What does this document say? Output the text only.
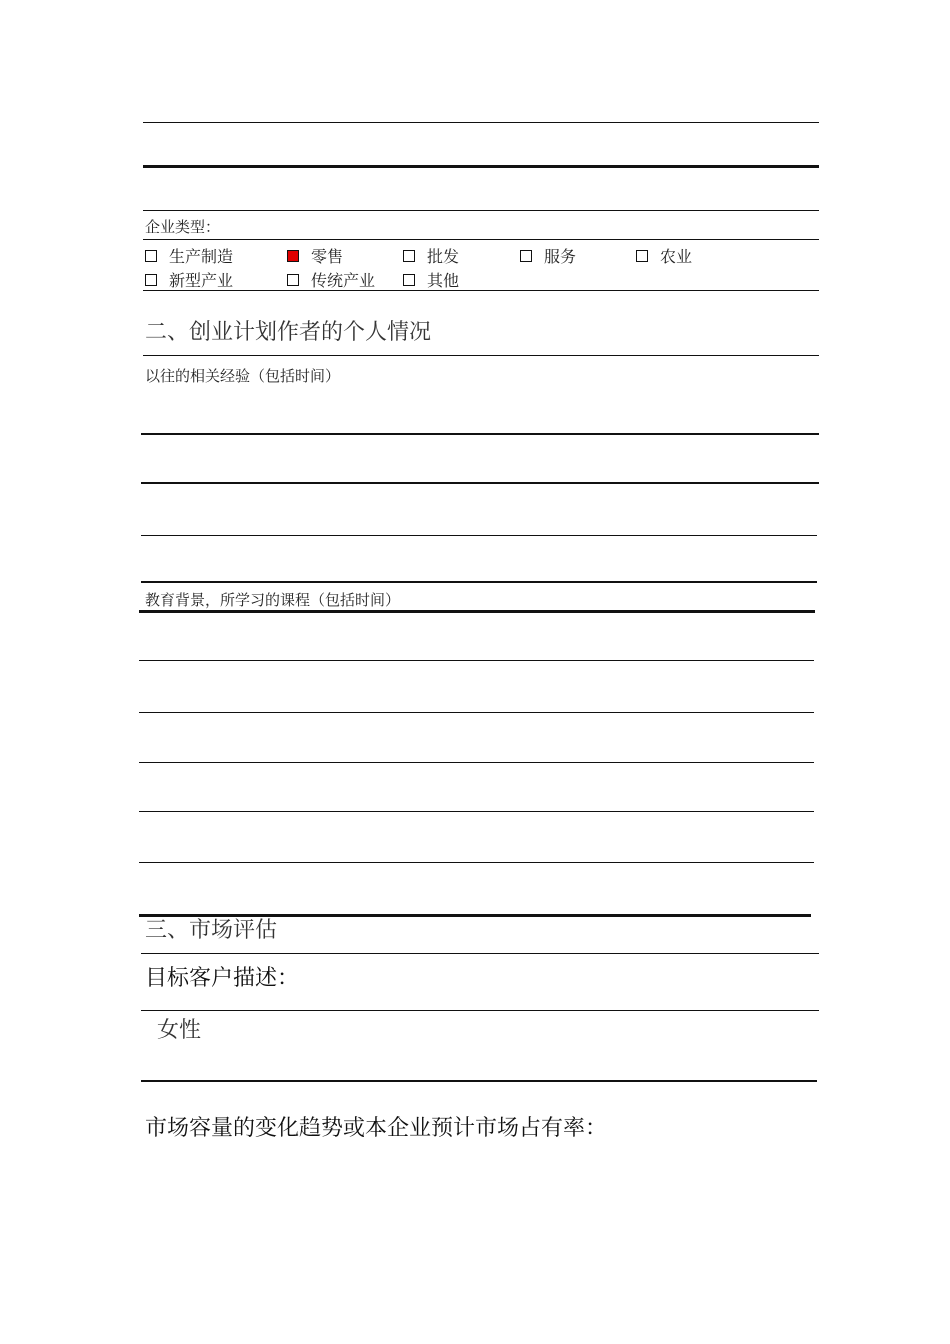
企业类型：
生产制造	零售	批发	服务	农业
新型产业	传统产业	其他
二、创业计划作者的个人情况
以往的相关经验（包括时间）
教育背景，所学习的课程（包括时间）
三、市场评估
目标客户描述：
女性
市场容量的变化趋势或本企业预计市场占有率：
